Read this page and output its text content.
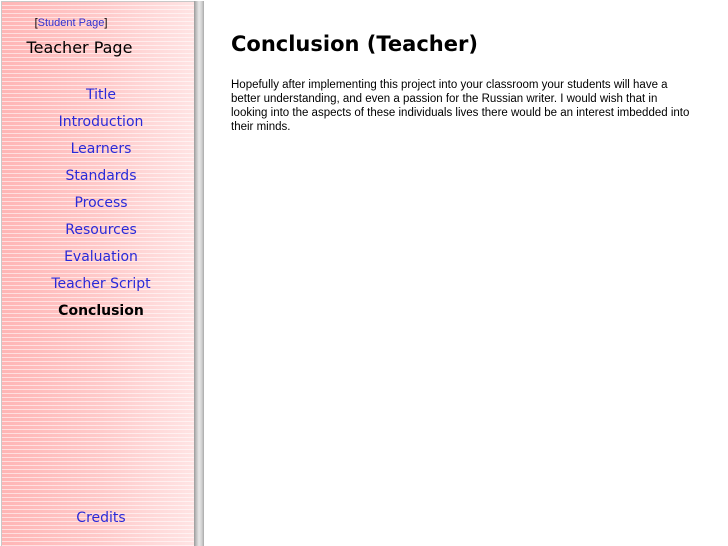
[Student Page]
Teacher Page
Title
Introduction
Learners
Standards
Process
Resources
Evaluation
Teacher Script
Conclusion
Credits
Conclusion (Teacher)

Hopefully after implementing this project into your classroom your students will have a better understanding, and even a passion for the Russian writer. I would wish that in looking into the aspects of these individuals lives there would be an interest imbedded into their minds.
